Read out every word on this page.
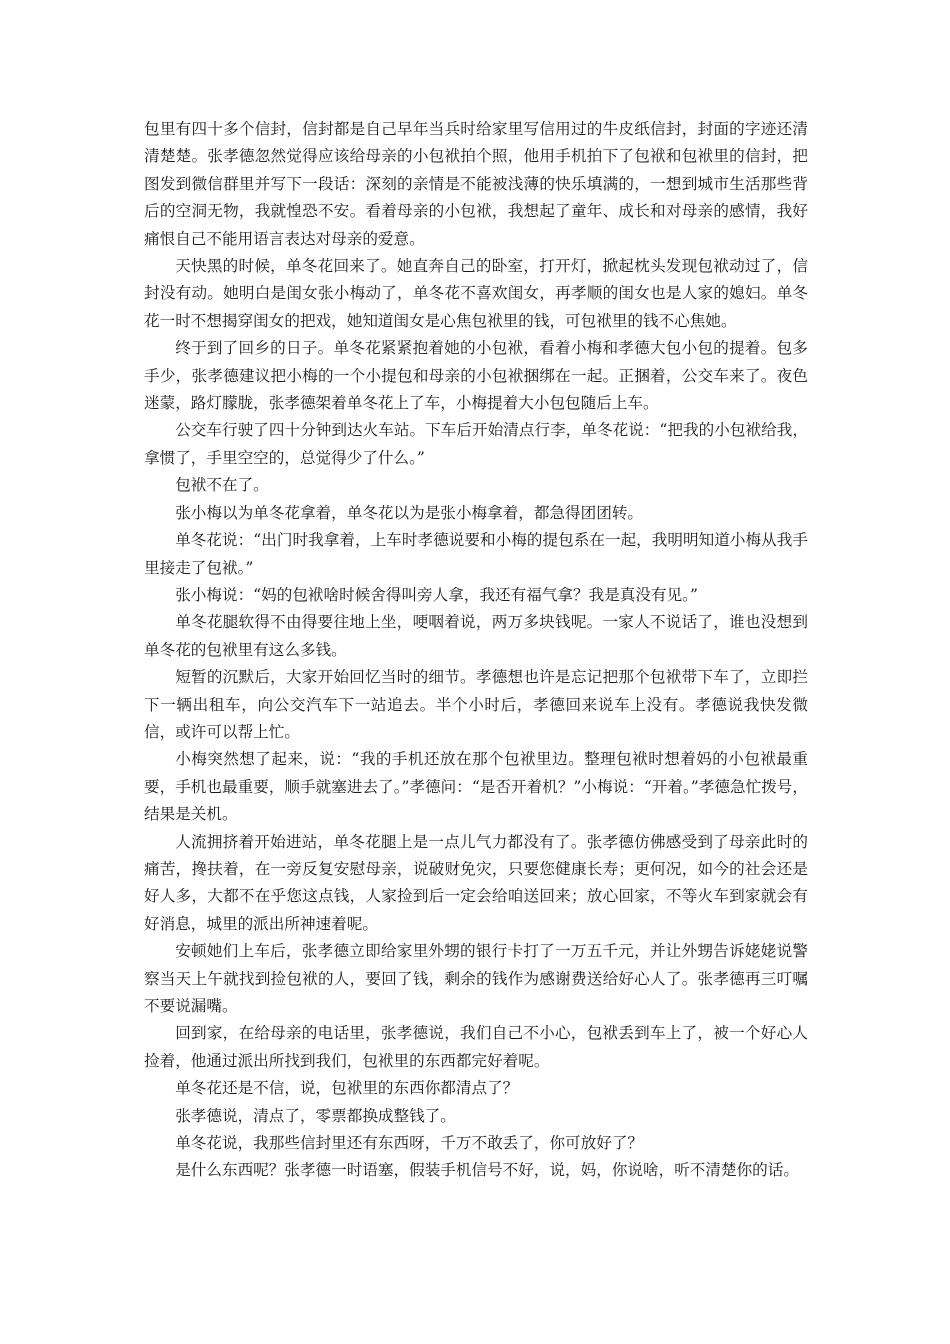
包里有四十多个信封，信封都是自己早年当兵时给家里写信用过的牛皮纸信封，封面的字迹还清清楚楚。张孝德忽然觉得应该给母亲的小包袱拍个照，他用手机拍下了包袱和包袱里的信封，把图发到微信群里并写下一段话：深刻的亲情是不能被浅薄的快乐填满的，一想到城市生活那些背后的空洞无物，我就惶恐不安。看着母亲的小包袱，我想起了童年、成长和对母亲的感情，我好痛恨自己不能用语言表达对母亲的爱意。

天快黑的时候，单冬花回来了。她直奔自己的卧室，打开灯，掀起枕头发现包袱动过了，信封没有动。她明白是闺女张小梅动了，单冬花不喜欢闺女，再孝顺的闺女也是人家的媳妇。单冬花一时不想揭穿闺女的把戏，她知道闺女是心焦包袱里的钱，可包袱里的钱不心焦她。

终于到了回乡的日子。单冬花紧紧抱着她的小包袱，看着小梅和孝德大包小包的提着。包多手少，张孝德建议把小梅的一个小提包和母亲的小包袱捆绑在一起。正捆着，公交车来了。夜色迷蒙，路灯朦胧，张孝德架着单冬花上了车，小梅提着大小包包随后上车。

公交车行驶了四十分钟到达火车站。下车后开始清点行李，单冬花说：“把我的小包袱给我，拿惯了，手里空空的，总觉得少了什么。”

包袱不在了。

张小梅以为单冬花拿着，单冬花以为是张小梅拿着，都急得团团转。

单冬花说：“出门时我拿着，上车时孝德说要和小梅的提包系在一起，我明明知道小梅从我手里接走了包袱。”

张小梅说：“妈的包袱啥时候舍得叫旁人拿，我还有福气拿？我是真没有见。”

单冬花腿软得不由得要往地上坐，哽咽着说，两万多块钱呢。一家人不说话了，谁也没想到单冬花的包袱里有这么多钱。

短暂的沉默后，大家开始回忆当时的细节。孝德想也许是忘记把那个包袱带下车了，立即拦下一辆出租车，向公交汽车下一站追去。半个小时后，孝德回来说车上没有。孝德说我快发微信，或许可以帮上忙。

小梅突然想了起来，说：“我的手机还放在那个包袱里边。整理包袱时想着妈的小包袱最重要，手机也最重要，顺手就塞进去了。”孝德问：“是否开着机？”小梅说：“开着。”孝德急忙拨号，结果是关机。

人流拥挤着开始进站，单冬花腿上是一点儿气力都没有了。张孝德仿佛感受到了母亲此时的痛苦，搀扶着，在一旁反复安慰母亲，说破财免灾，只要您健康长寿；更何况，如今的社会还是好人多，大都不在乎您这点钱，人家捡到后一定会给咱送回来；放心回家，不等火车到家就会有好消息，城里的派出所神速着呢。

安顿她们上车后，张孝德立即给家里外甥的银行卡打了一万五千元，并让外甥告诉姥姥说警察当天上午就找到捡包袱的人，要回了钱，剩余的钱作为感谢费送给好心人了。张孝德再三叮嘱不要说漏嘴。

回到家，在给母亲的电话里，张孝德说，我们自己不小心，包袱丢到车上了，被一个好心人捡着，他通过派出所找到我们，包袱里的东西都完好着呢。

单冬花还是不信，说，包袱里的东西你都清点了？

张孝德说，清点了，零票都换成整钱了。

单冬花说，我那些信封里还有东西呀，千万不敢丢了，你可放好了？

是什么东西呢？张孝德一时语塞，假装手机信号不好，说，妈，你说啥，听不清楚你的话。
